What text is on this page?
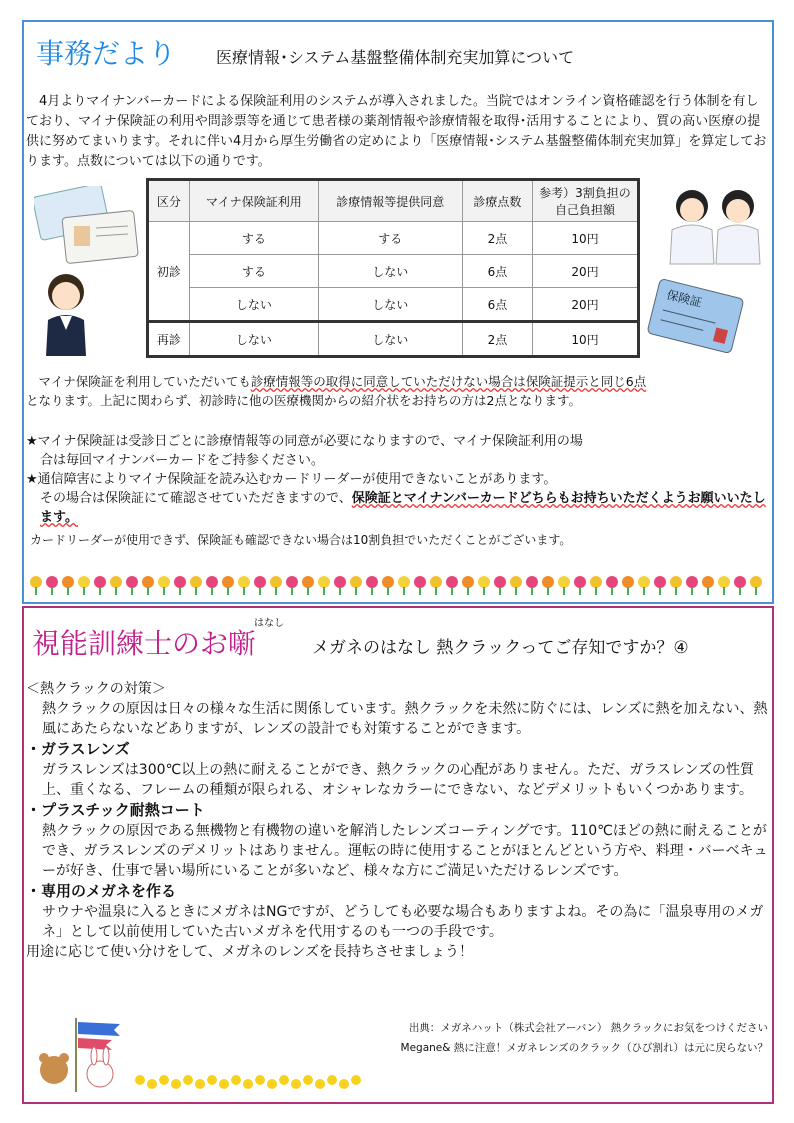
事務だより 医療情報･システム基盤整備体制充実加算について
　4月よりマイナンバーカードによる保険証利用のシステムが導入されました。当院ではオンライン資格確認を行う体制を有しており、マイナ保険証の利用や問診票等を通じて患者様の薬剤情報や診療情報を取得･活用することにより、質の高い医療の提供に努めてまいります。それに伴い4月から厚生労働省の定めにより「医療情報･システム基盤整備体制充実加算」を算定しております。点数については以下の通りです。
保険証
区分	マイナ保険証利用	診療情報等提供同意	診療点数	参考）3割負担の自己負担額
初診	する	する	2点	10円
	する	しない	6点	20円
	しない	しない	6点	20円
再診	しない	しない	2点	10円
　マイナ保険証を利用していただいても診療情報等の取得に同意していただけない場合は保険証提示と同じ6点
となります。上記に関わらず、初診時に他の医療機関からの紹介状をお持ちの方は2点となります。
★マイナ保険証は受診日ごとに診療情報等の同意が必要になりますので、マイナ保険証利用の場
合は毎回マイナンバーカードをご持参ください。
★通信障害によりマイナ保険証を読み込むカードリーダーが使用できないことがあります。
その場合は保険証にて確認させていただきますので、保険証とマイナンバーカードどちらもお持ちいただくようお願いいたします。
カードリーダーが使用できず、保険証も確認できない場合は10割負担でいただくことがございます。
はなし
視能訓練士のお噺	メガネのはなし 熱クラックってご存知ですか？④
＜熱クラックの対策＞
熱クラックの原因は日々の様々な生活に関係しています。熱クラックを未然に防ぐには、レンズに熱を加えない、熱風にあたらないなどありますが、レンズの設計でも対策することができます。
・ガラスレンズ
ガラスレンズは300℃以上の熱に耐えることができ、熱クラックの心配がありません。ただ、ガラスレンズの性質上、重くなる、フレームの種類が限られる、オシャレなカラーにできない、などデメリットもいくつかあります。
・プラスチック耐熱コート
熱クラックの原因である無機物と有機物の違いを解消したレンズコーティングです。110℃ほどの熱に耐えることができ、ガラスレンズのデメリットはありません。運転の時に使用することがほとんどという方や、料理・バーベキューが好き、仕事で暑い場所にいることが多いなど、様々な方にご満足いただけるレンズです。
・専用のメガネを作る
サウナや温泉に入るときにメガネはNGですが、どうしても必要な場合もありますよね。その為に「温泉専用のメガネ」として以前使用していた古いメガネを代用するのも一つの手段です。
用途に応じて使い分けをして、メガネのレンズを長持ちさせましょう！
出典：メガネハット（株式会社アーバン） 熱クラックにお気をつけください
Megane& 熱に注意！メガネレンズのクラック（ひび割れ）は元に戻らない？
